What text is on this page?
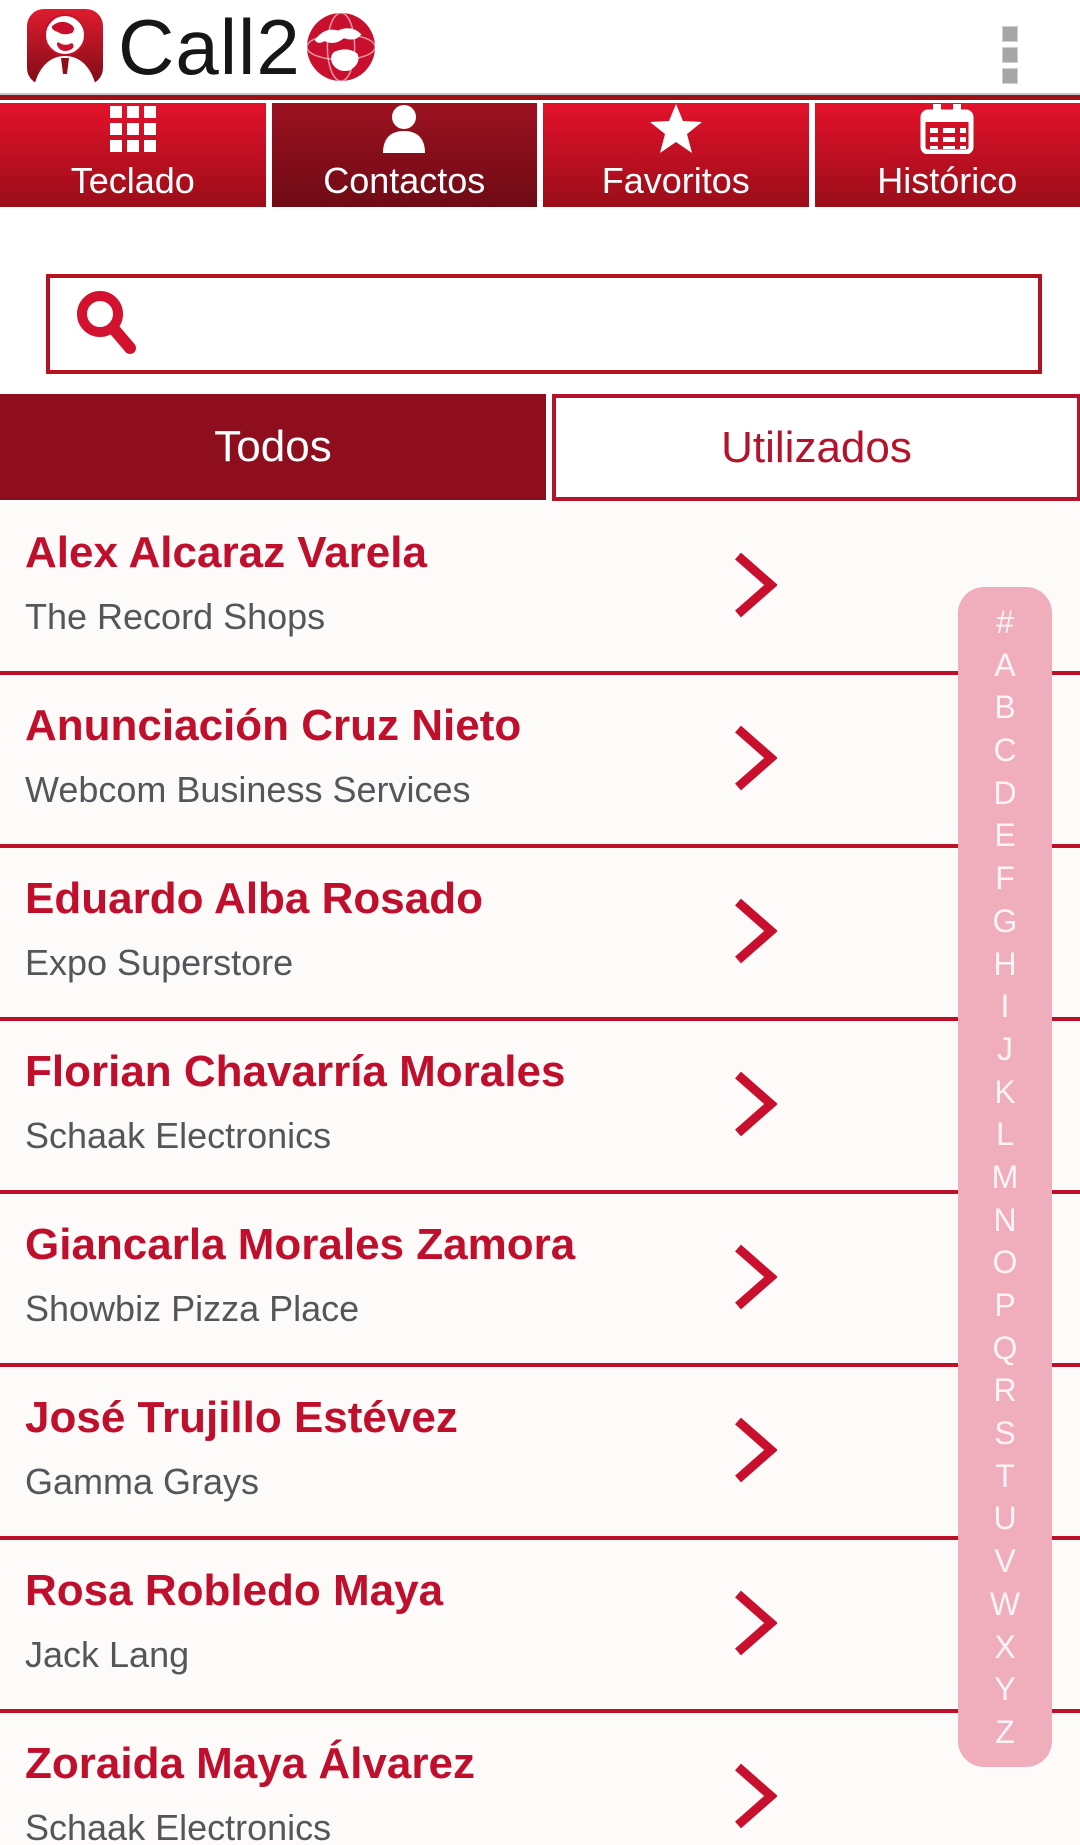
Call2
Teclado	Contactos	Favoritos	Histórico
Todos	Utilizados
Alex Alcaraz Varela
The Record Shops
Anunciación Cruz Nieto
Webcom Business Services
Eduardo Alba Rosado
Expo Superstore
Florian Chavarría Morales
Schaak Electronics
Giancarla Morales Zamora
Showbiz Pizza Place
José Trujillo Estévez
Gamma Grays
Rosa Robledo Maya
Jack Lang
Zoraida Maya Álvarez
Schaak Electronics
#
A
B
C
D
E
F
G
H
I
J
K
L
M
N
O
P
Q
R
S
T
U
V
W
X
Y
Z
